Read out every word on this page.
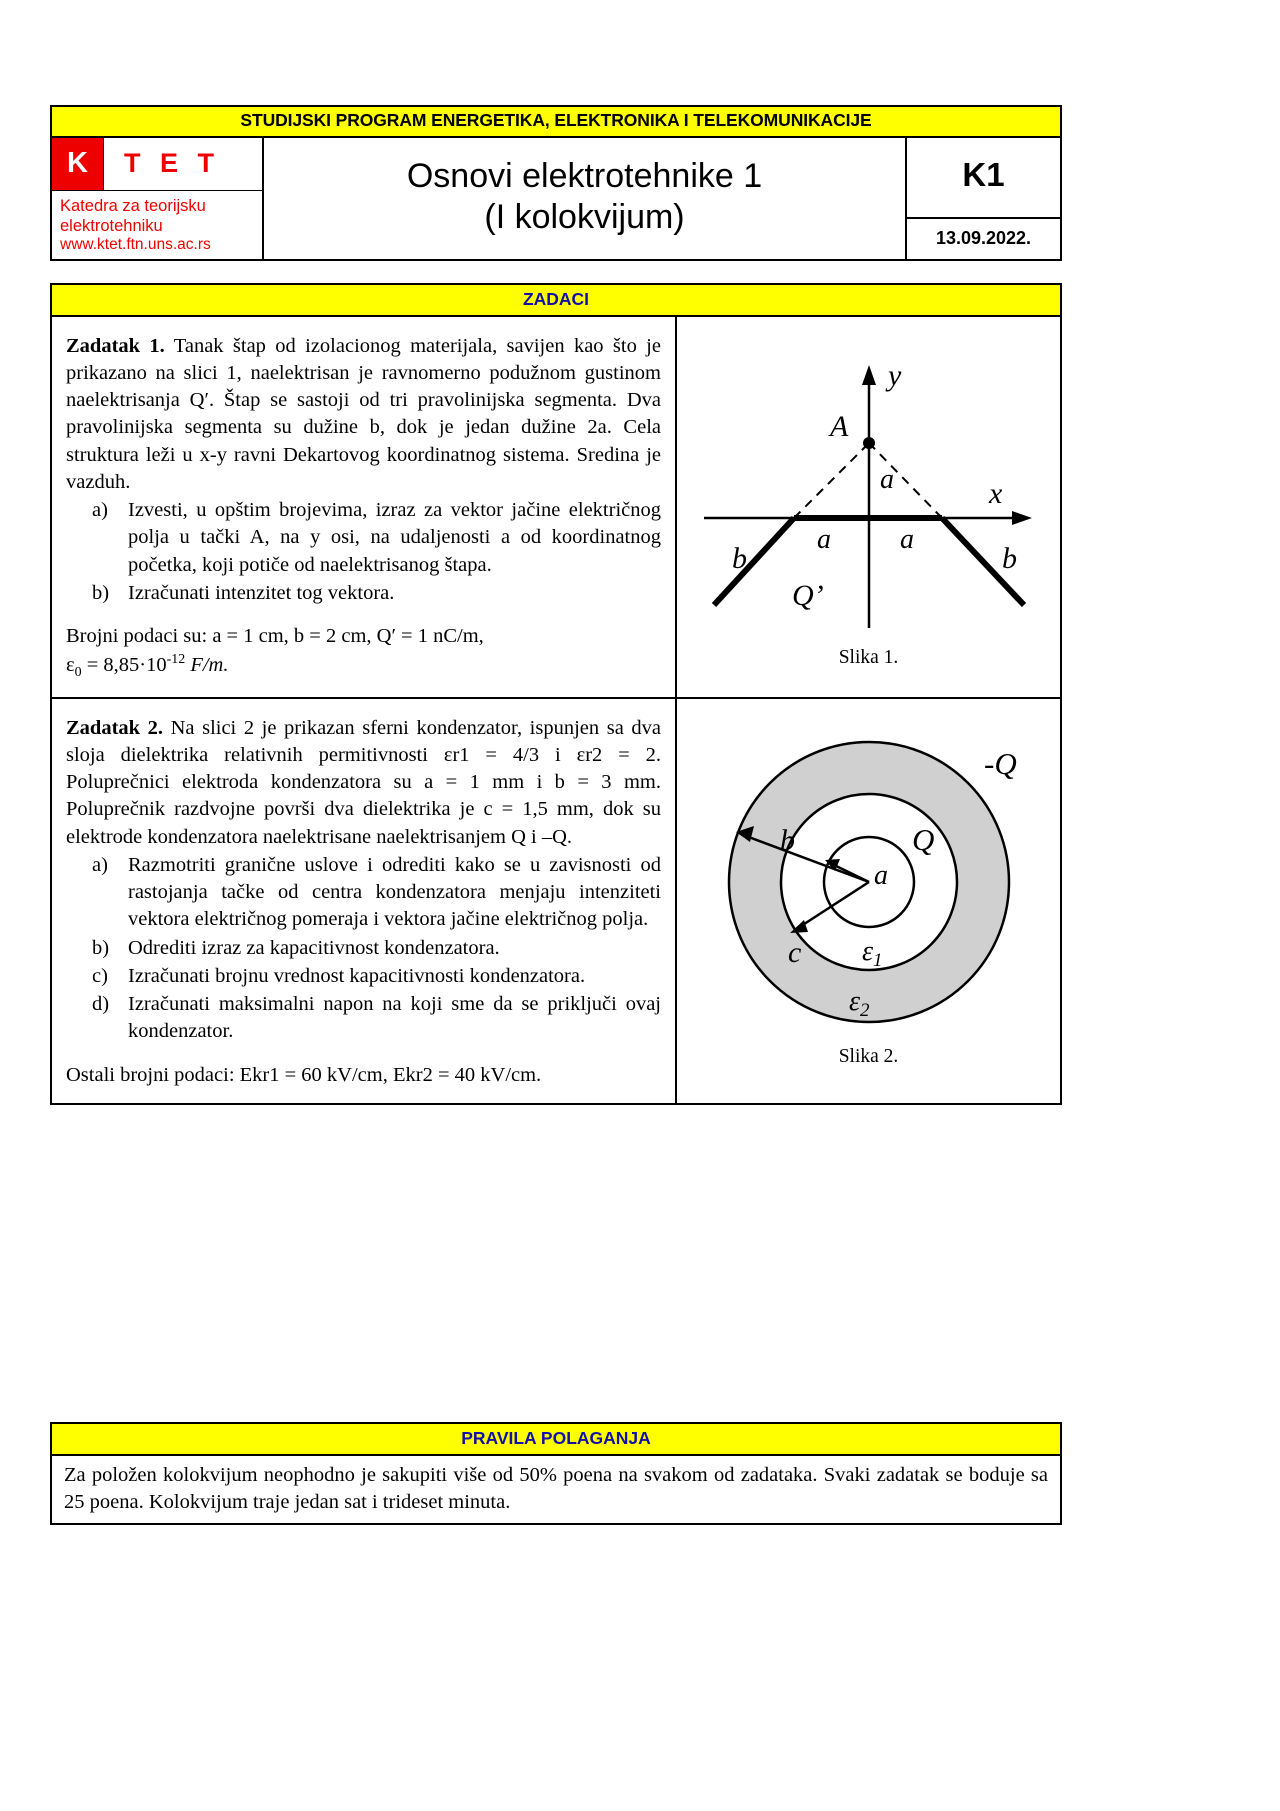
STUDIJSKI PROGRAM ENERGETIKA, ELEKTRONIKA I TELEKOMUNIKACIJE
K	T E T
Katedra za teorijsku
elektrotehniku
www.ktet.ftn.uns.ac.rs
Osnovi elektrotehnike 1
(I kolokvijum)
K1
13.09.2022.
ZADACI

Zadatak 1. Tanak štap od izolacionog materijala, savijen kao što je prikazano na slici 1, naelektrisan je ravnomerno podužnom gustinom naelektrisanja Q′. Štap se sastoji od tri pravolinijska segmenta. Dva pravolinijska segmenta su dužine b, dok je jedan dužine 2a. Cela struktura leži u x-y ravni Dekartovog koordinatnog sistema. Sredina je vazduh.

a) Izvesti, u opštim brojevima, izraz za vektor jačine električnog polja u tački A, na y osi, na udaljenosti a od koordinatnog početka, koji potiče od naelektrisanog štapa.
b) Izračunati intenzitet tog vektora.
Brojni podaci su: a = 1 cm, b = 2 cm, Q′ = 1 nC/m,
$\varepsilon_0 = 8,85\cdot 10^{-12}$ F/m.
y
x
A
a
a a
b	b
Q’
Slika 1.

Zadatak 2. Na slici 2 je prikazan sferni kondenzator, ispunjen sa dva sloja dielektrika relativnih permitivnosti εr1 = 4/3 i εr2 = 2. Poluprečnici elektroda kondenzatora su a = 1 mm i b = 3 mm. Poluprečnik razdvojne površi dva dielektrika je c = 1,5 mm, dok su elektrode kondenzatora naelektrisane naelektrisanjem Q i –Q.

a) Razmotriti granične uslove i odrediti kako se u zavisnosti od rastojanja tačke od centra kondenzatora menjaju intenziteti vektora električnog pomeraja i vektora jačine električnog polja.
b) Odrediti izraz za kapacitivnost kondenzatora.
c) Izračunati brojnu vrednost kapacitivnosti kondenzatora.
d) Izračunati maksimalni napon na koji sme da se priključi ovaj kondenzator.
Ostali brojni podaci: Ekr1 = 60 kV/cm, Ekr2 = 40 kV/cm.
-Q
Q
a
b
c $\varepsilon_1$
$\varepsilon_2$
Slika 2.
PRAVILA POLAGANJA
Za položen kolokvijum neophodno je sakupiti više od 50% poena na svakom od zadataka. Svaki zadatak se boduje sa 25 poena. Kolokvijum traje jedan sat i trideset minuta.
